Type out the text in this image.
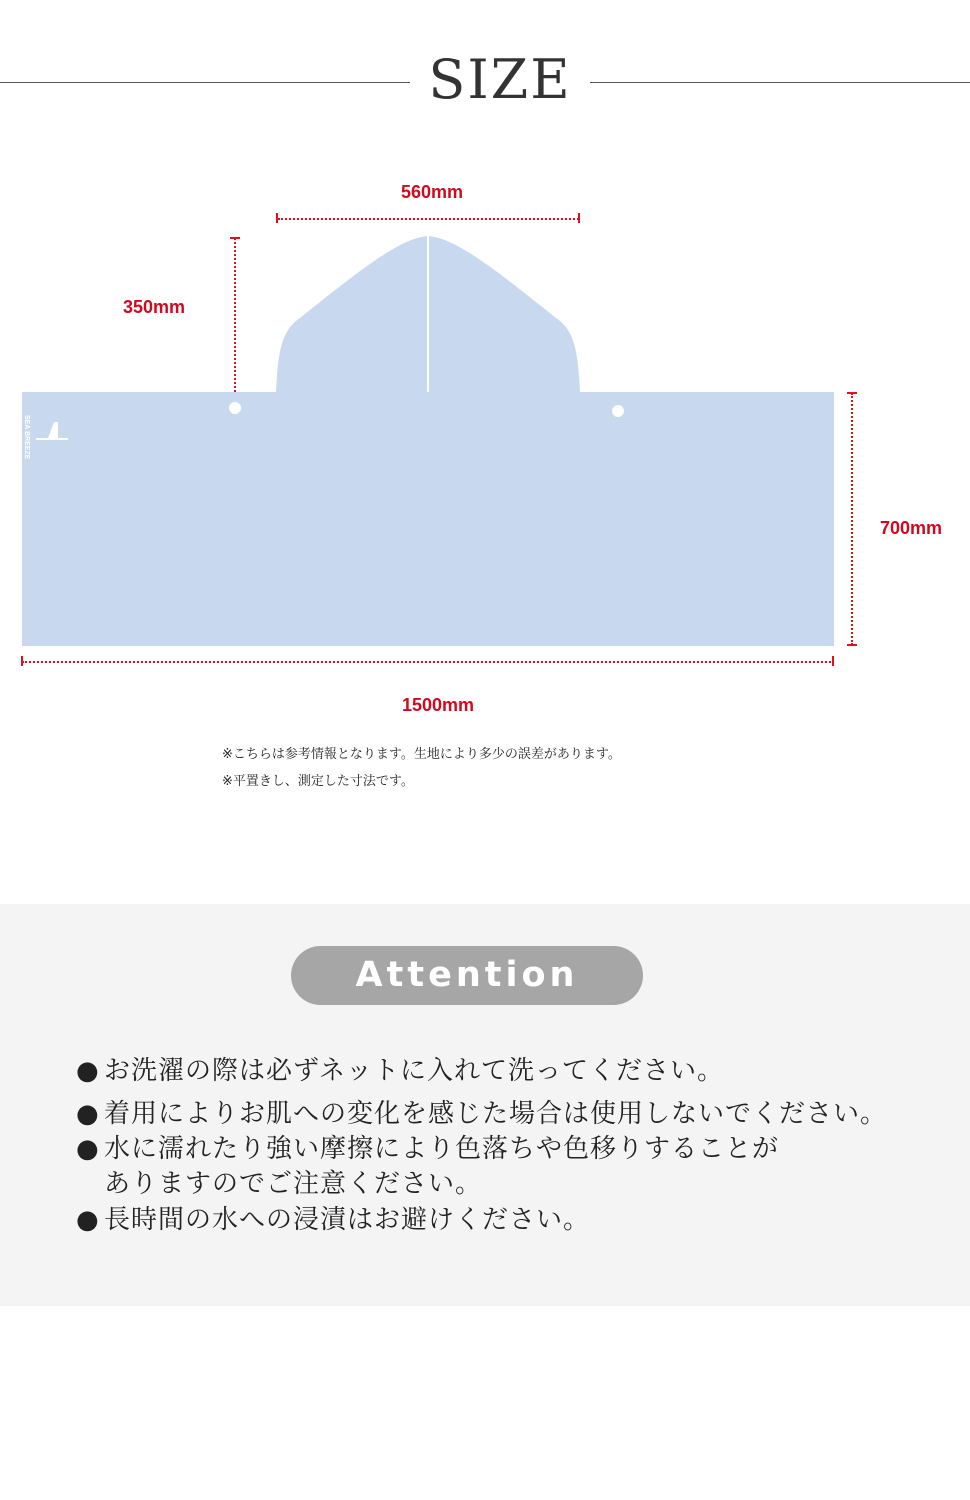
SIZE
560mm
350mm
SEA BREEZE
700mm
1500mm
※こちらは参考情報となります。生地により多少の誤差があります。
※平置きし、測定した寸法です。
Attention
● お洗濯の際は必ずネットに入れて洗ってください。
● 着用によりお肌への変化を感じた場合は使用しないでください。
● 水に濡れたり強い摩擦により色落ちや色移りすることが
ありますのでご注意ください。
● 長時間の水への浸漬はお避けください。
